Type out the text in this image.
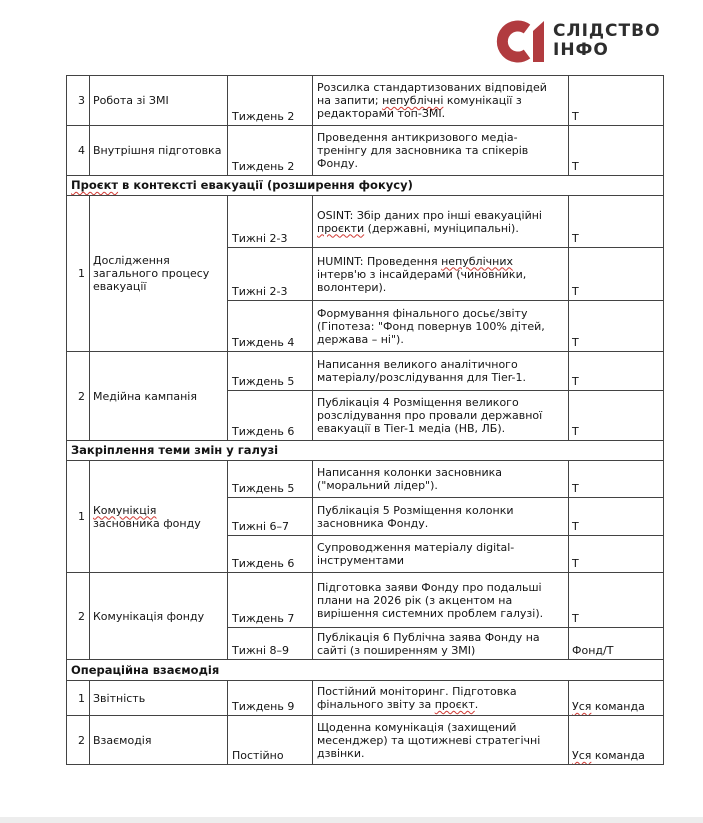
СЛІДСТВО
ІНФО
3	Робота зі ЗМІ	Тиждень 2	Розсилка стандартизованих відповідей на запити; непублічні комунікації з редакторами топ-ЗМІ.	Т
4	Внутрішня підготовка	Тиждень 2	Проведення антикризового медіа-тренінгу для засновника та спікерів Фонду.	Т
Проєкт в контексті евакуації (розширення фокусу)				
1	Дослідження загального процесу евакуації	Тижні 2-3	OSINT: Збір даних про інші евакуаційні проєкти (державні, муніципальні).	Т
		Тижні 2-3	HUMINT: Проведення непублічних інтерв'ю з інсайдерами (чиновники, волонтери).	Т
		Тиждень 4	Формування фінального досьє/звіту (Гіпотеза: "Фонд повернув 100% дітей, держава – ні").	Т
2	Медійна кампанія	Тиждень 5	Написання великого аналітичного матеріалу/розслідування для Tier-1.	Т
		Тиждень 6	Публікація 4 Розміщення великого розслідування про провали державної евакуації в Tier-1 медіа (НВ, ЛБ).	Т
Закріплення теми змін у галузі				
1	Комунікція засновника фонду	Тиждень 5	Написання колонки засновника ("моральний лідер").	Т
		Тижні 6–7	Публікація 5 Розміщення колонки засновника Фонду.	Т
		Тиждень 6	Супроводження матеріалу digital-інструментами	Т
2	Комунікація фонду	Тиждень 7	Підготовка заяви Фонду про подальші плани на 2026 рік (з акцентом на вирішення системних проблем галузі).	Т
		Тижні 8–9	Публікація 6 Публічна заява Фонду на сайті (з поширенням у ЗМІ)	Фонд/Т
Операційна взаємодія				
1	Звітність	Тиждень 9	Постійний моніторинг. Підготовка фінального звіту за проєкт.	Уся команда
2	Взаємодія	Постійно	Щоденна комунікація (захищений месенджер) та щотижневі стратегічні дзвінки.	Уся команда
